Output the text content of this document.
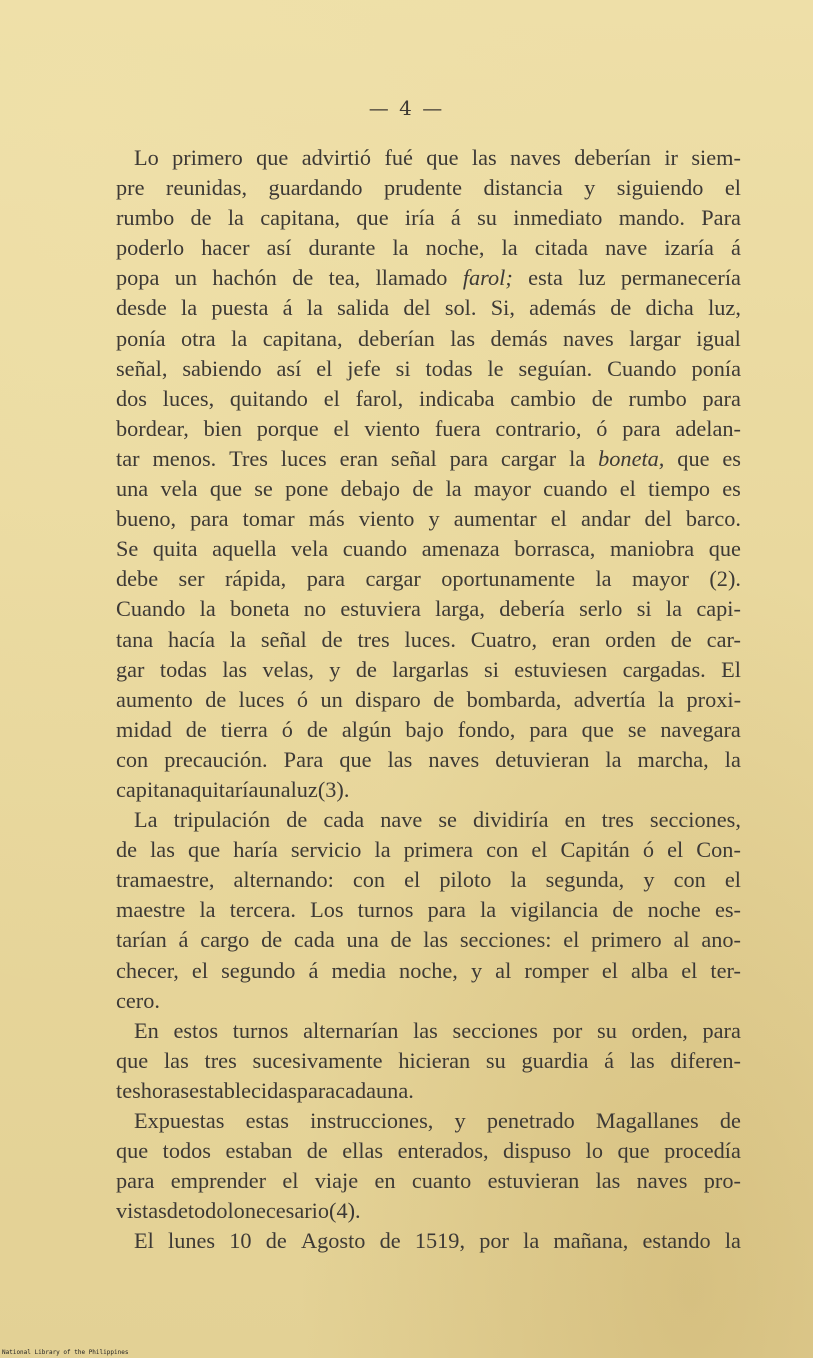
— 4 —
Lo primero que advirtió fué que las naves deberían ir siem-
pre reunidas, guardando prudente distancia y siguiendo el
rumbo de la capitana, que iría á su inmediato mando. Para
poderlo hacer así durante la noche, la citada nave izaría á
popa un hachón de tea, llamado farol; esta luz permanecería
desde la puesta á la salida del sol. Si, además de dicha luz,
ponía otra la capitana, deberían las demás naves largar igual
señal, sabiendo así el jefe si todas le seguían. Cuando ponía
dos luces, quitando el farol, indicaba cambio de rumbo para
bordear, bien porque el viento fuera contrario, ó para adelan-
tar menos. Tres luces eran señal para cargar la boneta, que es
una vela que se pone debajo de la mayor cuando el tiempo es
bueno, para tomar más viento y aumentar el andar del barco.
Se quita aquella vela cuando amenaza borrasca, maniobra que
debe ser rápida, para cargar oportunamente la mayor (2).
Cuando la boneta no estuviera larga, debería serlo si la capi-
tana hacía la señal de tres luces. Cuatro, eran orden de car-
gar todas las velas, y de largarlas si estuviesen cargadas. El
aumento de luces ó un disparo de bombarda, advertía la proxi-
midad de tierra ó de algún bajo fondo, para que se navegara
con precaución. Para que las naves detuvieran la marcha, la
capitana quitaría una luz (3).
La tripulación de cada nave se dividiría en tres secciones,
de las que haría servicio la primera con el Capitán ó el Con-
tramaestre, alternando: con el piloto la segunda, y con el
maestre la tercera. Los turnos para la vigilancia de noche es-
tarían á cargo de cada una de las secciones: el primero al ano-
checer, el segundo á media noche, y al romper el alba el ter-
cero.
En estos turnos alternarían las secciones por su orden, para
que las tres sucesivamente hicieran su guardia á las diferen-
tes horas establecidas para cada una.
Expuestas estas instrucciones, y penetrado Magallanes de
que todos estaban de ellas enterados, dispuso lo que procedía
para emprender el viaje en cuanto estuvieran las naves pro-
vistas de todo lo necesario (4).
El lunes 10 de Agosto de 1519, por la mañana, estando la
National Library of the Philippines
